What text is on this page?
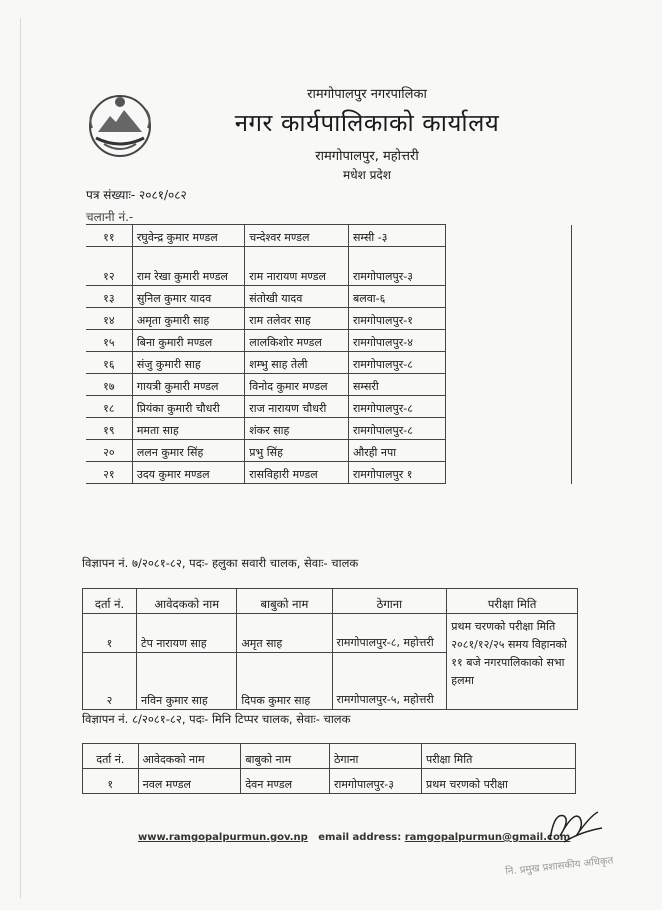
रामगोपालपुर नगरपालिका
नगर कार्यपालिकाको कार्यालय
रामगोपालपुर, महोत्तरी
मधेश प्रदेश
पत्र संख्याः- २०८१/०८२
चलानी नं.-
११	रघुवेन्द्र कुमार मण्डल	चन्देश्वर मण्डल	सम्सी -३	
१२	राम रेखा कुमारी मण्डल	राम नारायण मण्डल	रामगोपालपुर-३	
१३	सुनिल कुमार यादव	संतोखी यादव	बलवा-६	
१४	अमृता कुमारी साह	राम तलेवर साह	रामगोपालपुर-१	
१५	बिना कुमारी मण्डल	लालकिशोर मण्डल	रामगोपालपुर-४	
१६	संजु कुमारी साह	शम्भु साह तेली	रामगोपालपुर-८	
१७	गायत्री कुमारी मण्डल	विनोद कुमार मण्डल	सम्सरी	
१८	प्रियंका कुमारी चौधरी	राज नारायण चौधरी	रामगोपालपुर-८	
१९	ममता साह	शंकर साह	रामगोपालपुर-८	
२०	ललन कुमार सिंह	प्रभु सिंह	औरही नपा	
२१	उदय कुमार मण्डल	रासविहारी मण्डल	रामगोपालपुर १	
विज्ञापन नं. ७/२०८१-८२, पदः- हलुका सवारी चालक, सेवाः- चालक
दर्ता नं.	आवेदकको नाम	बाबुको नाम	ठेगाना	परीक्षा मिति
१	टेप नारायण साह	अमृत साह	रामगोपालपुर-८, महोत्तरी	प्रथम चरणको परीक्षा मिति २०८१/१२/२५ समय विहानको ११ बजे नगरपालिकाको सभा हलमा
२	नविन कुमार साह	दिपक कुमार साह	रामगोपालपुर-५, महोत्तरी	
विज्ञापन नं. ८/२०८१-८२, पदः- मिनि टिप्पर चालक, सेवाः- चालक
दर्ता नं.	आवेदकको नाम	बाबुको नाम	ठेगाना	परीक्षा मिति
१	नवल मण्डल	देवन मण्डल	रामगोपालपुर-३	प्रथम चरणको परीक्षा
www.ramgopalpurmun.gov.np email address: ramgopalpurmun@gmail.com
नि. प्रमुख प्रशासकीय अधिकृत
